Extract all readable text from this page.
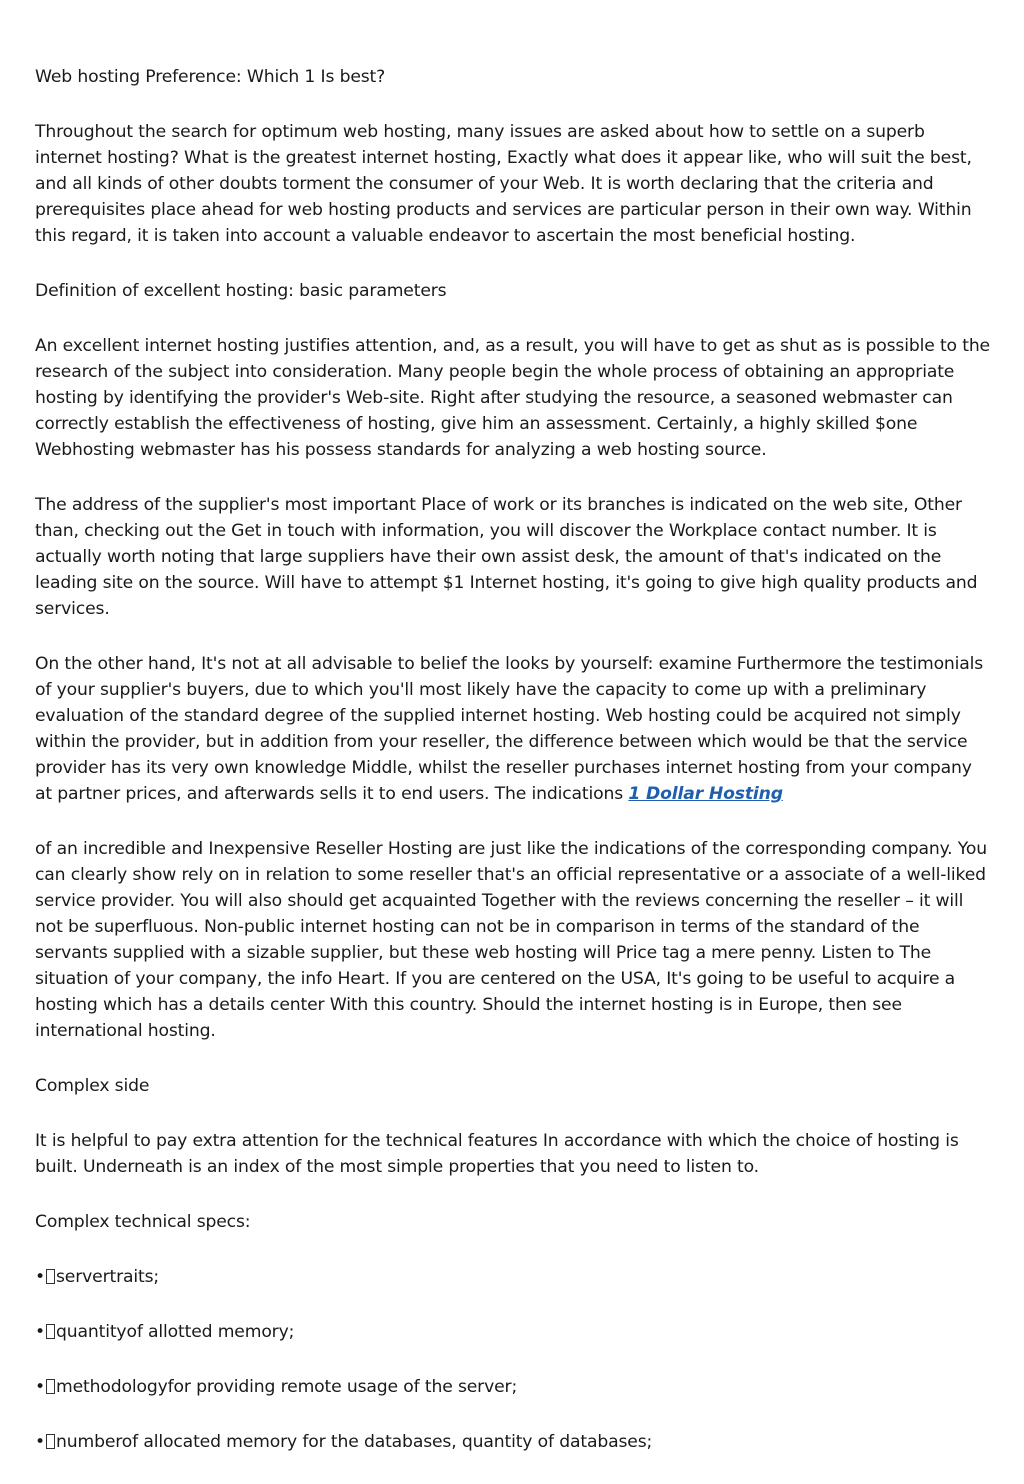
Web hosting Preference: Which 1 Is best?

Throughout the search for optimum web hosting, many issues are asked about how to settle on a superb internet hosting? What is the greatest internet hosting, Exactly what does it appear like, who will suit the best, and all kinds of other doubts torment the consumer of your Web. It is worth declaring that the criteria and prerequisites place ahead for web hosting products and services are particular person in their own way. Within this regard, it is taken into account a valuable endeavor to ascertain the most beneficial hosting.

Definition of excellent hosting: basic parameters

An excellent internet hosting justifies attention, and, as a result, you will have to get as shut as is possible to the research of the subject into consideration. Many people begin the whole process of obtaining an appropriate hosting by identifying the provider's Web-site. Right after studying the resource, a seasoned webmaster can correctly establish the effectiveness of hosting, give him an assessment. Certainly, a highly skilled $one Webhosting webmaster has his possess standards for analyzing a web hosting source.

The address of the supplier's most important Place of work or its branches is indicated on the web site, Other than, checking out the Get in touch with information, you will discover the Workplace contact number. It is actually worth noting that large suppliers have their own assist desk, the amount of that's indicated on the leading site on the source. Will have to attempt $1 Internet hosting, it's going to give high quality products and services.

On the other hand, It's not at all advisable to belief the looks by yourself: examine Furthermore the testimonials of your supplier's buyers, due to which you'll most likely have the capacity to come up with a preliminary evaluation of the standard degree of the supplied internet hosting. Web hosting could be acquired not simply within the provider, but in addition from your reseller, the difference between which would be that the service provider has its very own knowledge Middle, whilst the reseller purchases internet hosting from your company at partner prices, and afterwards sells it to end users. The indications 1 Dollar Hosting

of an incredible and Inexpensive Reseller Hosting are just like the indications of the corresponding company. You can clearly show rely on in relation to some reseller that's an official representative or a associate of a well-liked service provider. You will also should get acquainted Together with the reviews concerning the reseller – it will not be superfluous. Non-public internet hosting can not be in comparison in terms of the standard of the servants supplied with a sizable supplier, but these web hosting will Price tag a mere penny. Listen to The situation of your company, the info Heart. If you are centered on the USA, It's going to be useful to acquire a hosting which has a details center With this country. Should the internet hosting is in Europe, then see international hosting.

Complex side

It is helpful to pay extra attention for the technical features In accordance with which the choice of hosting is built. Underneath is an index of the most simple properties that you need to listen to.

Complex technical specs:

• servertraits;
• quantityof allotted memory;
• methodologyfor providing remote usage of the server;
• numberof allocated memory for the databases, quantity of databases;
